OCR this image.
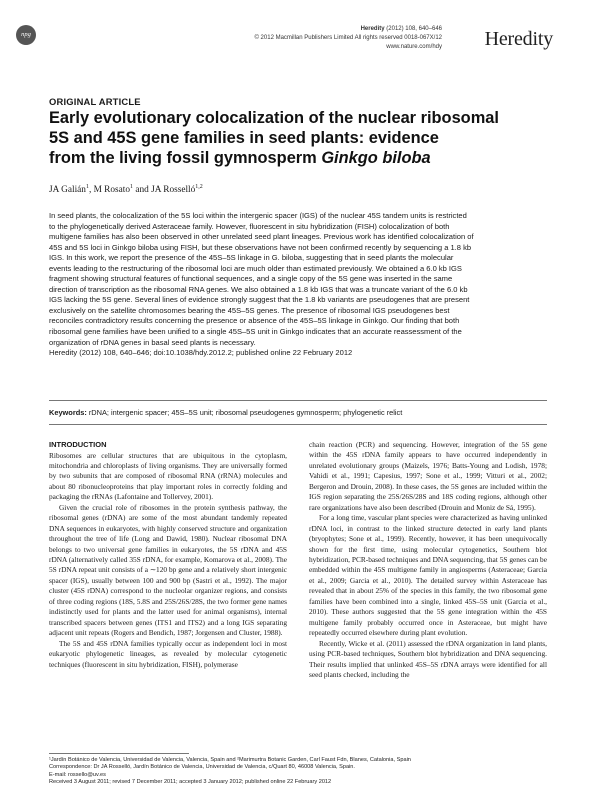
npg
Heredity (2012) 108, 640–646
© 2012 Macmillan Publishers Limited All rights reserved 0018-067X/12
www.nature.com/hdy Heredity
ORIGINAL ARTICLE
Early evolutionary colocalization of the nuclear ribosomal
5S and 45S gene families in seed plants: evidence
from the living fossil gymnosperm Ginkgo biloba
JA Galián$^1$, M Rosato$^1$ and JA Rosselló$^{1,2}$

In seed plants, the colocalization of the 5S loci within the intergenic spacer (IGS) of the nuclear 45S tandem units is restricted

to the phylogenetically derived Asteraceae family. However, fluorescent in situ hybridization (FISH) colocalization of both

multigene families has also been observed in other unrelated seed plant lineages. Previous work has identified colocalization of

45S and 5S loci in Ginkgo biloba using FISH, but these observations have not been confirmed recently by sequencing a 1.8 kb

IGS. In this work, we report the presence of the 45S–5S linkage in G. biloba, suggesting that in seed plants the molecular

events leading to the restructuring of the ribosomal loci are much older than estimated previously. We obtained a 6.0 kb IGS

fragment showing structural features of functional sequences, and a single copy of the 5S gene was inserted in the same

direction of transcription as the ribosomal RNA genes. We also obtained a 1.8 kb IGS that was a truncate variant of the 6.0 kb

IGS lacking the 5S gene. Several lines of evidence strongly suggest that the 1.8 kb variants are pseudogenes that are present

exclusively on the satellite chromosomes bearing the 45S–5S genes. The presence of ribosomal IGS pseudogenes best

reconciles contradictory results concerning the presence or absence of the 45S–5S linkage in Ginkgo. Our finding that both

ribosomal gene families have been unified to a single 45S–5S unit in Ginkgo indicates that an accurate reassessment of the

organization of rDNA genes in basal seed plants is necessary.

Heredity (2012) 108, 640–646; doi:10.1038/hdy.2012.2; published online 22 February 2012

Keywords: rDNA; intergenic spacer; 45S–5S unit; ribosomal pseudogenes gymnosperm; phylogenetic relict
INTRODUCTION

Ribosomes are cellular structures that are ubiquitous in the cytoplasm, mitochondria and chloroplasts of living organisms. They are universally formed by two subunits that are composed of ribosomal RNA (rRNA) molecules and about 80 ribonucleoproteins that play important roles in correctly folding and packaging the rRNAs (Lafontaine and Tollervey, 2001).

Given the crucial role of ribosomes in the protein synthesis pathway, the ribosomal genes (rDNA) are some of the most abundant tandemly repeated DNA sequences in eukaryotes, with highly conserved structure and organization throughout the tree of life (Long and Dawid, 1980). Nuclear ribosomal DNA belongs to two universal gene families in eukaryotes, the 5S rDNA and 45S rDNA (alternatively called 35S rDNA, for example, Komarova et al., 2008). The 5S rDNA repeat unit consists of a ∼120 bp gene and a relatively short intergenic spacer (IGS), usually between 100 and 900 bp (Sastri et al., 1992). The major cluster (45S rDNA) correspond to the nucleolar organizer regions, and consists of three coding regions (18S, 5.8S and 25S/26S/28S, the two former gene names indistinctly used for plants and the latter used for animal organisms), internal transcribed spacers between genes (ITS1 and ITS2) and a long IGS separating adjacent unit repeats (Rogers and Bendich, 1987; Jorgensen and Cluster, 1988).

The 5S and 45S rDNA families typically occur as independent loci in most eukaryotic phylogenetic lineages, as revealed by molecular cytogenetic techniques (fluorescent in situ hybridization, FISH), polymerase

chain reaction (PCR) and sequencing. However, integration of the 5S gene within the 45S rDNA family appears to have occurred independently in unrelated evolutionary groups (Maizels, 1976; Batts-Young and Lodish, 1978; Vahidi et al., 1991; Capesius, 1997; Sone et al., 1999; Vitturi et al., 2002; Bergeron and Drouin, 2008). In these cases, the 5S genes are included within the IGS region separating the 25S/26S/28S and 18S coding regions, although other rare organizations have also been described (Drouin and Moniz de Sá, 1995).

For a long time, vascular plant species were characterized as having unlinked rDNA loci, in contrast to the linked structure detected in early land plants (bryophytes; Sone et al., 1999). Recently, however, it has been unequivocally shown for the first time, using molecular cytogenetics, Southern blot hybridization, PCR-based techniques and DNA sequencing, that 5S genes can be embedded within the 45S multigene family in angiosperms (Asteraceae; Garcia et al., 2009; Garcia et al., 2010). The detailed survey within Asteraceae has revealed that in about 25% of the species in this family, the two ribosomal gene families have been combined into a single, linked 45S–5S unit (Garcia et al., 2010). These authors suggested that the 5S gene integration within the 45S multigene family probably occurred once in Asteraceae, but might have repeatedly occurred elsewhere during plant evolution.

Recently, Wicke et al. (2011) assessed the rDNA organization in land plants, using PCR-based techniques, Southern blot hybridization and DNA sequencing. Their results implied that unlinked 45S–5S rDNA arrays were identified for all seed plants checked, including the

¹Jardín Botánico de Valencia, Universidad de Valencia, Valencia, Spain and ²Marimurtra Botanic Garden, Carl Faust Fdn, Blanes, Catalonia, Spain
Correspondence: Dr JA Rosselló, Jardín Botánico de Valencia, Universidad de Valencia, c/Quart 80, 46008 Valencia, Spain.
E-mail: rossello@uv.es
Received 3 August 2011; revised 7 December 2011; accepted 3 January 2012; published online 22 February 2012
